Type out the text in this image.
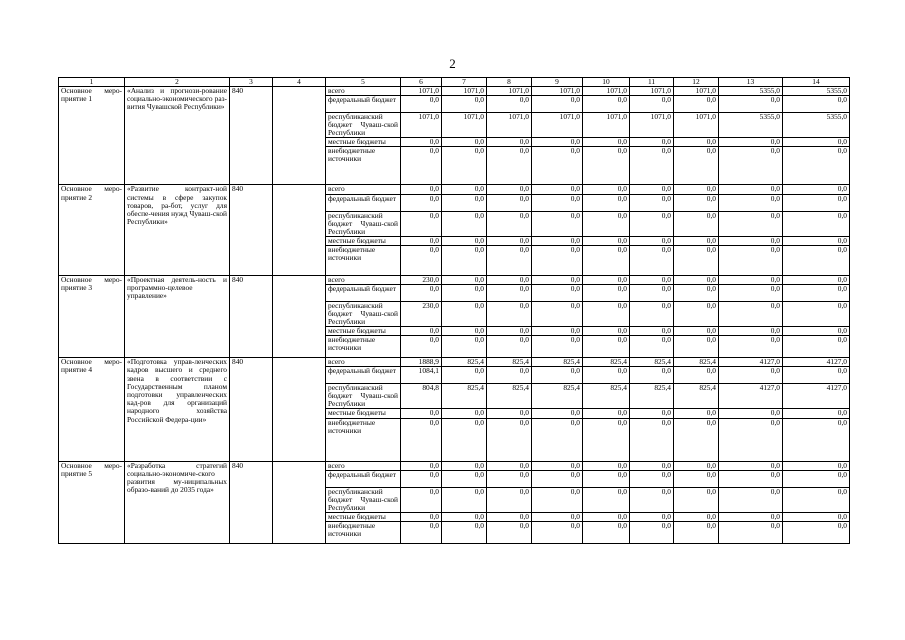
2
1	2	3	4	5	6	7	8	9	10	11	12	13	14
Основное меро-приятие 1	«Анализ и прогнози-рование социально-экономического раз-вития Чувашской Республики»	840		всего	1071,0	1071,0	1071,0	1071,0	1071,0	1071,0	1071,0	5355,0	5355,0
				федеральный бюджет	0,0	0,0	0,0	0,0	0,0	0,0	0,0	0,0	0,0
				республиканский бюджет Чуваш-ской Республики	1071,0	1071,0	1071,0	1071,0	1071,0	1071,0	1071,0	5355,0	5355,0
				местные бюджеты	0,0	0,0	0,0	0,0	0,0	0,0	0,0	0,0	0,0
				внебюджетные источники	0,0	0,0	0,0	0,0	0,0	0,0	0,0	0,0	0,0
Основное меро-приятие 2	«Развитие контракт-ной системы в сфере закупок товаров, ра-бот, услуг для обеспе-чения нужд Чуваш-ской Республики»	840		всего	0,0	0,0	0,0	0,0	0,0	0,0	0,0	0,0	0,0
				федеральный бюджет	0,0	0,0	0,0	0,0	0,0	0,0	0,0	0,0	0,0
				республиканский бюджет Чуваш-ской Республики	0,0	0,0	0,0	0,0	0,0	0,0	0,0	0,0	0,0
				местные бюджеты	0,0	0,0	0,0	0,0	0,0	0,0	0,0	0,0	0,0
				внебюджетные источники	0,0	0,0	0,0	0,0	0,0	0,0	0,0	0,0	0,0
Основное меро-приятие 3	«Проектная деятель-ность и программно-целевое управление»	840		всего	230,0	0,0	0,0	0,0	0,0	0,0	0,0	0,0	0,0
				федеральный бюджет	0,0	0,0	0,0	0,0	0,0	0,0	0,0	0,0	0,0
				республиканский бюджет Чуваш-ской Республики	230,0	0,0	0,0	0,0	0,0	0,0	0,0	0,0	0,0
				местные бюджеты	0,0	0,0	0,0	0,0	0,0	0,0	0,0	0,0	0,0
				внебюджетные источники	0,0	0,0	0,0	0,0	0,0	0,0	0,0	0,0	0,0
Основное меро-приятие 4	«Подготовка управ-ленческих кадров высшего и среднего звена в соответствии с Государственным планом подготовки управленческих кад-ров для организаций народного хозяйства Российской Федера-ции»	840		всего	1888,9	825,4	825,4	825,4	825,4	825,4	825,4	4127,0	4127,0
				федеральный бюджет	1084,1	0,0	0,0	0,0	0,0	0,0	0,0	0,0	0,0
				республиканский бюджет Чуваш-ской Республики	804,8	825,4	825,4	825,4	825,4	825,4	825,4	4127,0	4127,0
				местные бюджеты	0,0	0,0	0,0	0,0	0,0	0,0	0,0	0,0	0,0
				внебюджетные источники	0,0	0,0	0,0	0,0	0,0	0,0	0,0	0,0	0,0
Основное меро-приятие 5	«Разработка стратегий социально-экономиче-ского развития му-ниципальных образо-ваний до 2035 года»	840		всего	0,0	0,0	0,0	0,0	0,0	0,0	0,0	0,0	0,0
				федеральный бюджет	0,0	0,0	0,0	0,0	0,0	0,0	0,0	0,0	0,0
				республиканский бюджет Чуваш-ской Республики	0,0	0,0	0,0	0,0	0,0	0,0	0,0	0,0	0,0
				местные бюджеты	0,0	0,0	0,0	0,0	0,0	0,0	0,0	0,0	0,0
				внебюджетные источники	0,0	0,0	0,0	0,0	0,0	0,0	0,0	0,0	0,0
